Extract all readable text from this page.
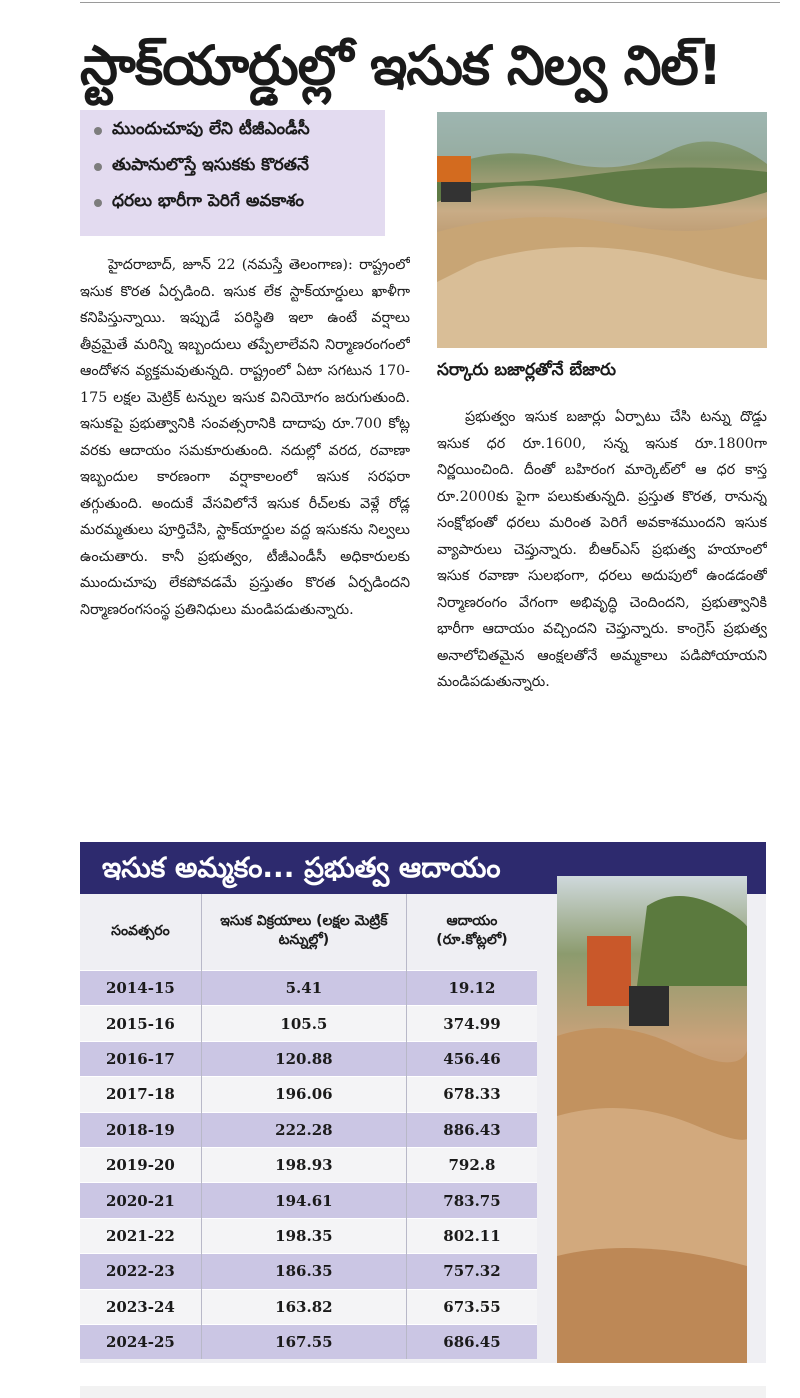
స్టాక్‌యార్డుల్లో ఇసుక నిల్వ నిల్!
ముందుచూపు లేని టీజీఎండీసీ
తుపానులొస్తే ఇసుకకు కొరతనే
ధరలు భారీగా పెరిగే అవకాశం

హైదరాబాద్, జూన్ 22 (నమస్తే తెలంగాణ): రాష్ట్రంలో ఇసుక కొరత ఏర్పడింది. ఇసుక లేక స్టాక్‌యార్డులు ఖాళీగా కనిపిస్తున్నాయి. ఇప్పుడే పరిస్థితి ఇలా ఉంటే వర్షాలు తీవ్రమైతే మరిన్ని ఇబ్బందులు తప్పేలాలేవని నిర్మాణరంగంలో ఆందోళన వ్యక్తమవుతున్నది. రాష్ట్రంలో ఏటా సగటున 170-175 లక్షల మెట్రిక్ టన్నుల ఇసుక వినియోగం జరుగుతుంది. ఇసుకపై ప్రభుత్వానికి సంవత్సరానికి దాదాపు రూ.700 కోట్ల వరకు ఆదాయం సమకూరుతుంది. నదుల్లో వరద, రవాణా ఇబ్బందుల కారణంగా వర్షాకాలంలో ఇసుక సరఫరా తగ్గుతుంది. అందుకే వేసవిలోనే ఇసుక రీచ్‌లకు వెళ్లే రోడ్ల మరమ్మతులు పూర్తిచేసి, స్టాక్‌యార్డుల వద్ద ఇసుకను నిల్వలు ఉంచుతారు. కానీ ప్రభుత్వం, టీజీఎండీసీ అధికారులకు ముందుచూపు లేకపోవడమే ప్రస్తుతం కొరత ఏర్పడిందని నిర్మాణరంగసంస్థ ప్రతినిధులు మండిపడుతున్నారు.

సర్కారు బజార్లతోనే బేజారు

ప్రభుత్వం ఇసుక బజార్లు ఏర్పాటు చేసి టన్ను దొడ్డు ఇసుక ధర రూ.1600, సన్న ఇసుక రూ.1800గా నిర్ణయించింది. దీంతో బహిరంగ మార్కెట్‌లో ఆ ధర కాస్త రూ.2000కు పైగా పలుకుతున్నది. ప్రస్తుత కొరత, రానున్న సంక్షోభంతో ధరలు మరింత పెరిగే అవకాశముందని ఇసుక వ్యాపారులు చెప్తున్నారు. బీఆర్‌ఎస్ ప్రభుత్వ హయాంలో ఇసుక రవాణా సులభంగా, ధరలు అదుపులో ఉండడంతో నిర్మాణరంగం వేగంగా అభివృద్ధి చెందిందని, ప్రభుత్వానికి భారీగా ఆదాయం వచ్చిందని చెప్తున్నారు. కాంగ్రెస్ ప్రభుత్వ అనాలోచితమైన ఆంక్షలతోనే అమ్మకాలు పడిపోయాయని మండిపడుతున్నారు.

ఇసుక అమ్మకం... ప్రభుత్వ ఆదాయం
సంవత్సరం	ఇసుక విక్రయాలు (లక్షల మెట్రిక్ టన్నుల్లో)	ఆదాయం (రూ.కోట్లలో)
2014-15	5.41	19.12
2015-16	105.5	374.99
2016-17	120.88	456.46
2017-18	196.06	678.33
2018-19	222.28	886.43
2019-20	198.93	792.8
2020-21	194.61	783.75
2021-22	198.35	802.11
2022-23	186.35	757.32
2023-24	163.82	673.55
2024-25	167.55	686.45
